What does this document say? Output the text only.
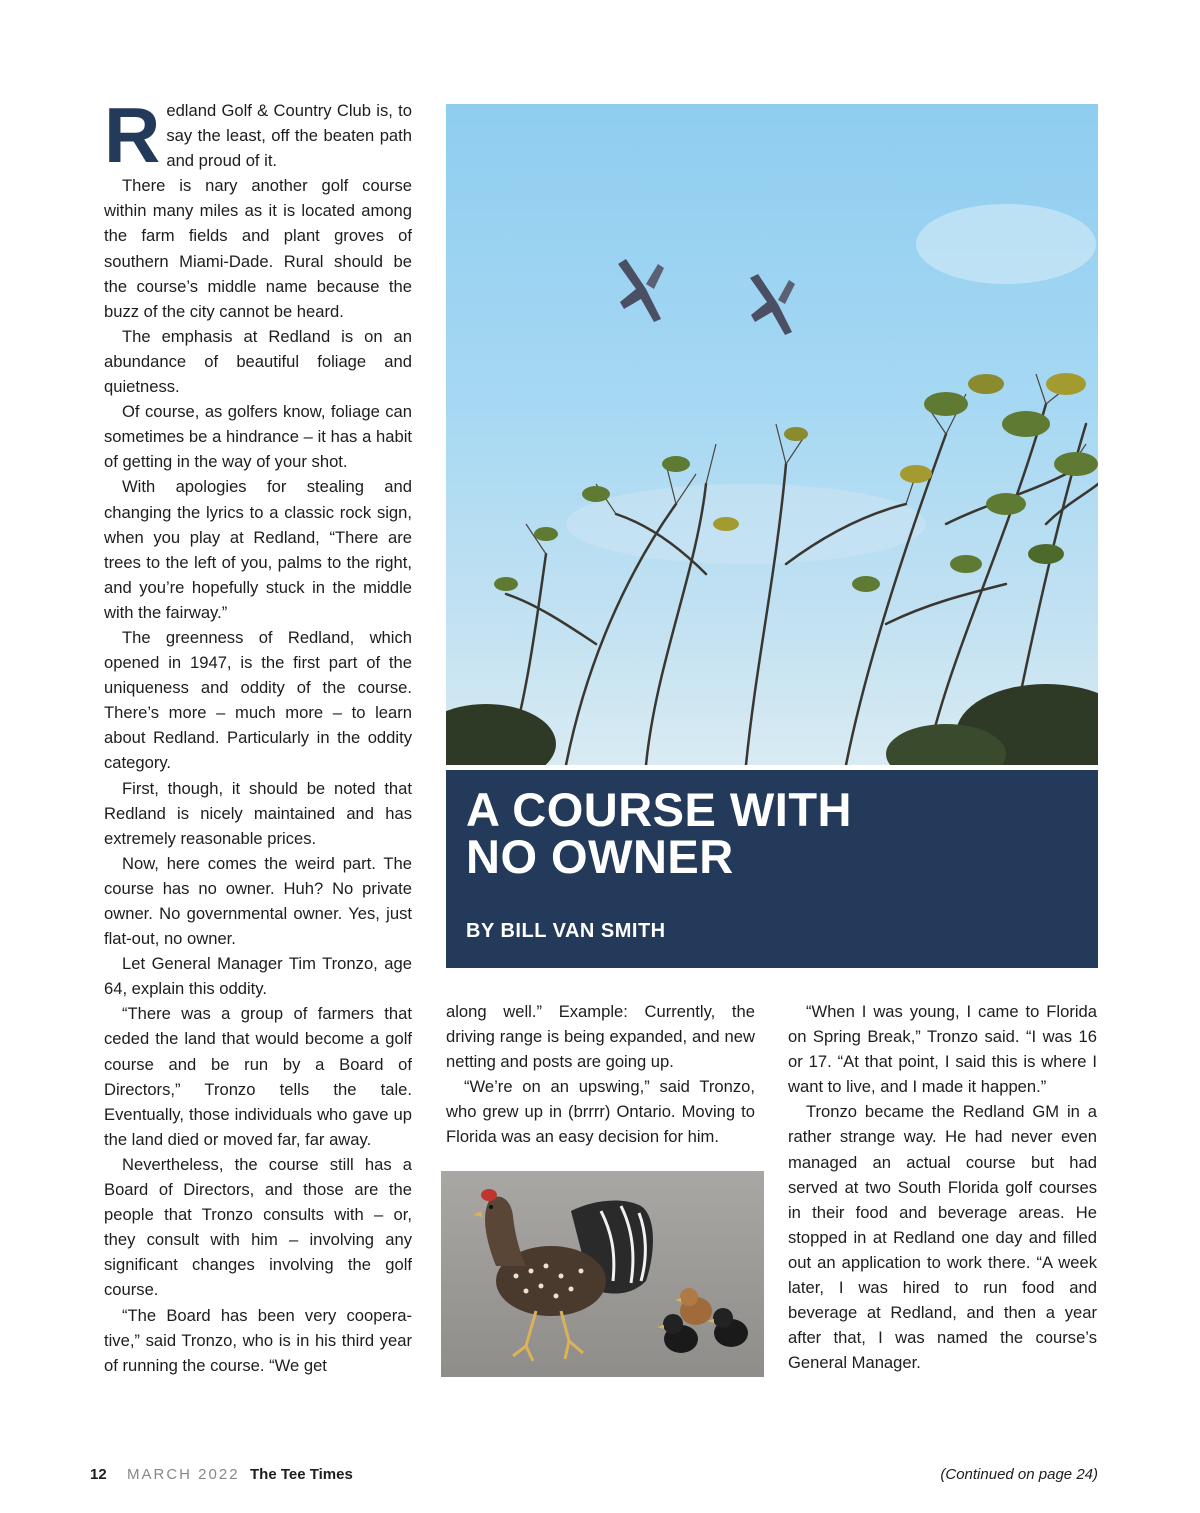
R edland Golf & Country Club is, to say the least, off the beaten path and proud of it.

There is nary another golf course within many miles as it is located among the farm fields and plant groves of southern Miami-Dade. Rural should be the course’s middle name because the buzz of the city cannot be heard.

The emphasis at Redland is on an abundance of beautiful foliage and quietness.

Of course, as golfers know, foliage can sometimes be a hindrance – it has a habit of getting in the way of your shot.

With apologies for stealing and changing the lyrics to a classic rock sign, when you play at Redland, “There are trees to the left of you, palms to the right, and you’re hopefully stuck in the middle with the fairway.”

The greenness of Redland, which opened in 1947, is the first part of the uniqueness and oddity of the course. There’s more – much more – to learn about Redland. Particularly in the oddity category.

First, though, it should be noted that Redland is nicely maintained and has extremely reasonable prices.

Now, here comes the weird part. The course has no owner. Huh? No private owner. No governmental owner. Yes, just flat-out, no owner.

Let General Manager Tim Tronzo, age 64, explain this oddity.

“There was a group of farmers that ceded the land that would become a golf course and be run by a Board of Directors,” Tronzo tells the tale. Eventually, those individuals who gave up the land died or moved far, far away.

Nevertheless, the course still has a Board of Directors, and those are the people that Tronzo consults with – or, they consult with him – involving any significant changes involving the golf course.

“The Board has been very coopera-tive,” said Tronzo, who is in his third year of running the course. “We get

A COURSE WITH
NO OWNER

BY BILL VAN SMITH

along well.” Example: Currently, the driving range is being expanded, and new netting and posts are going up.

“We’re on an upswing,” said Tronzo, who grew up in (brrrr) Ontario. Moving to Florida was an easy decision for him.

“When I was young, I came to Florida on Spring Break,” Tronzo said. “I was 16 or 17. “At that point, I said this is where I want to live, and I made it happen.”

Tronzo became the Redland GM in a rather strange way. He had never even managed an actual course but had served at two South Florida golf courses in their food and beverage areas. He stopped in at Redland one day and filled out an application to work there. “A week later, I was hired to run food and beverage at Redland, and then a year after that, I was named the course’s General Manager.

12 MARCH 2022 The Tee Times	(Continued on page 24)
